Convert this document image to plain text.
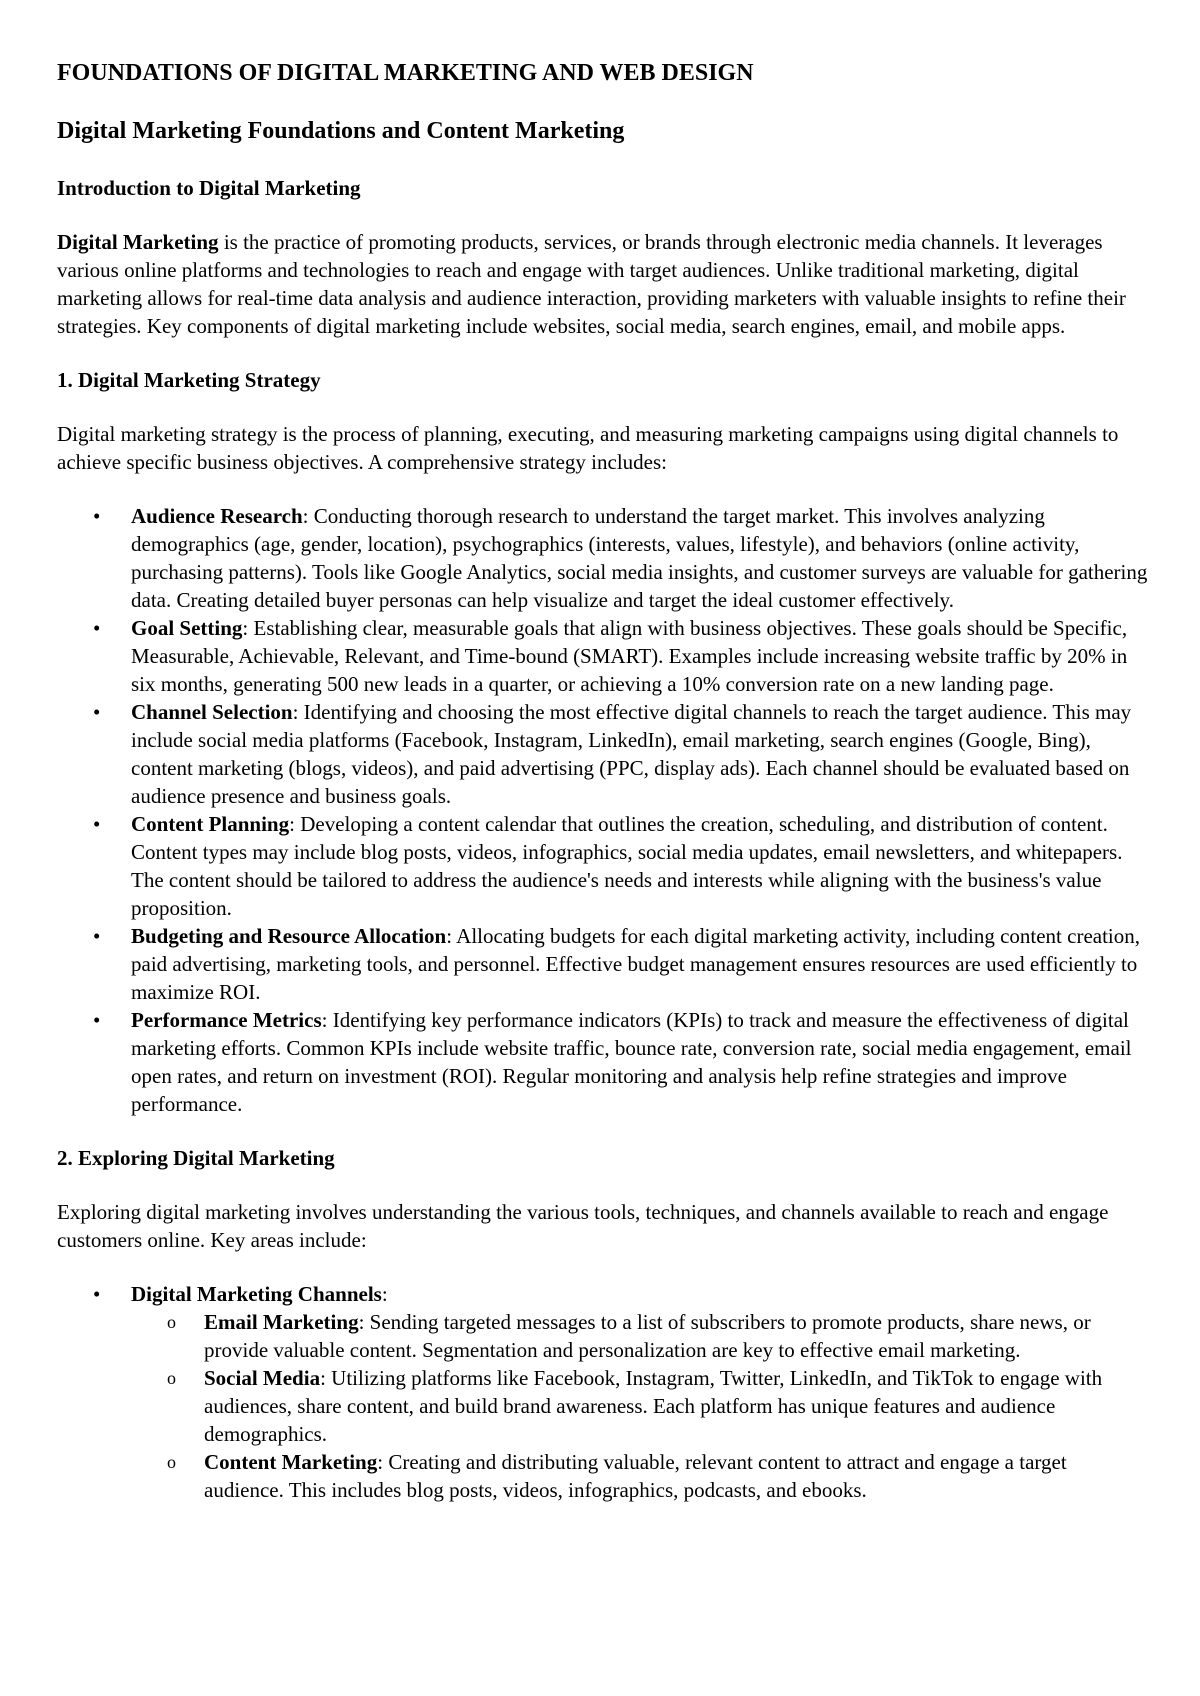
FOUNDATIONS OF DIGITAL MARKETING AND WEB DESIGN
Digital Marketing Foundations and Content Marketing
Introduction to Digital Marketing
Digital Marketing is the practice of promoting products, services, or brands through electronic media channels. It leverages various online platforms and technologies to reach and engage with target audiences. Unlike traditional marketing, digital marketing allows for real-time data analysis and audience interaction, providing marketers with valuable insights to refine their strategies. Key components of digital marketing include websites, social media, search engines, email, and mobile apps.
1. Digital Marketing Strategy
Digital marketing strategy is the process of planning, executing, and measuring marketing campaigns using digital channels to achieve specific business objectives. A comprehensive strategy includes:
• Audience Research: Conducting thorough research to understand the target market. This involves analyzing demographics (age, gender, location), psychographics (interests, values, lifestyle), and behaviors (online activity, purchasing patterns). Tools like Google Analytics, social media insights, and customer surveys are valuable for gathering data. Creating detailed buyer personas can help visualize and target the ideal customer effectively.
• Goal Setting: Establishing clear, measurable goals that align with business objectives. These goals should be Specific, Measurable, Achievable, Relevant, and Time-bound (SMART). Examples include increasing website traffic by 20% in six months, generating 500 new leads in a quarter, or achieving a 10% conversion rate on a new landing page.
• Channel Selection: Identifying and choosing the most effective digital channels to reach the target audience. This may include social media platforms (Facebook, Instagram, LinkedIn), email marketing, search engines (Google, Bing), content marketing (blogs, videos), and paid advertising (PPC, display ads). Each channel should be evaluated based on audience presence and business goals.
• Content Planning: Developing a content calendar that outlines the creation, scheduling, and distribution of content. Content types may include blog posts, videos, infographics, social media updates, email newsletters, and whitepapers. The content should be tailored to address the audience's needs and interests while aligning with the business's value proposition.
• Budgeting and Resource Allocation: Allocating budgets for each digital marketing activity, including content creation, paid advertising, marketing tools, and personnel. Effective budget management ensures resources are used efficiently to maximize ROI.
• Performance Metrics: Identifying key performance indicators (KPIs) to track and measure the effectiveness of digital marketing efforts. Common KPIs include website traffic, bounce rate, conversion rate, social media engagement, email open rates, and return on investment (ROI). Regular monitoring and analysis help refine strategies and improve performance.
2. Exploring Digital Marketing
Exploring digital marketing involves understanding the various tools, techniques, and channels available to reach and engage customers online. Key areas include:
• Digital Marketing Channels:
o Email Marketing: Sending targeted messages to a list of subscribers to promote products, share news, or provide valuable content. Segmentation and personalization are key to effective email marketing.
o Social Media: Utilizing platforms like Facebook, Instagram, Twitter, LinkedIn, and TikTok to engage with audiences, share content, and build brand awareness. Each platform has unique features and audience demographics.
o Content Marketing: Creating and distributing valuable, relevant content to attract and engage a target audience. This includes blog posts, videos, infographics, podcasts, and ebooks.
